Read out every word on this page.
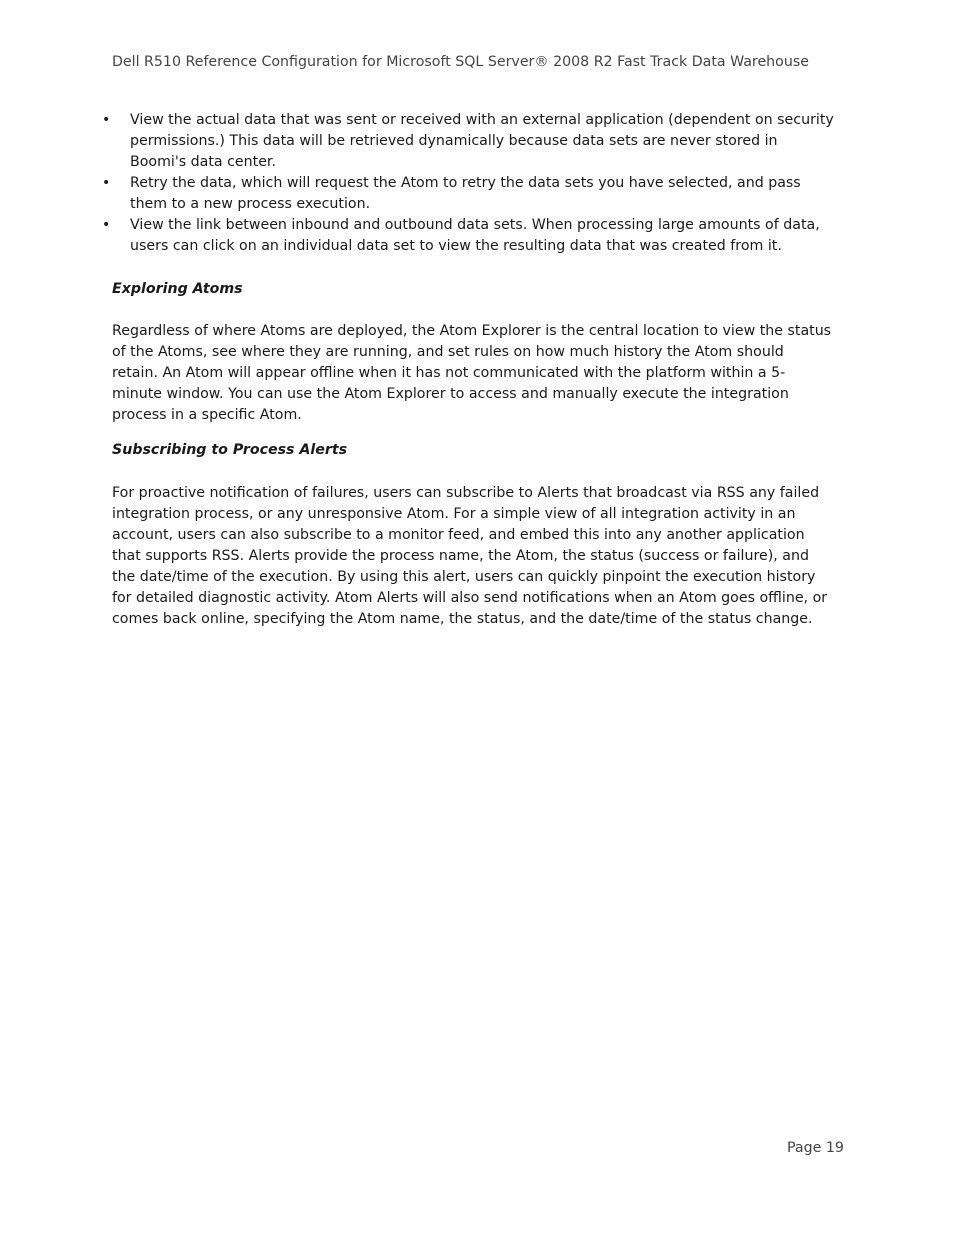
Dell R510 Reference Configuration for Microsoft SQL Server® 2008 R2 Fast Track Data Warehouse
• View the actual data that was sent or received with an external application (dependent on security permissions.) This data will be retrieved dynamically because data sets are never stored in Boomi's data center.
• Retry the data, which will request the Atom to retry the data sets you have selected, and pass them to a new process execution.
• View the link between inbound and outbound data sets. When processing large amounts of data, users can click on an individual data set to view the resulting data that was created from it.

Exploring Atoms

Regardless of where Atoms are deployed, the Atom Explorer is the central location to view the status of the Atoms, see where they are running, and set rules on how much history the Atom should retain. An Atom will appear offline when it has not communicated with the platform within a 5-minute window. You can use the Atom Explorer to access and manually execute the integration process in a specific Atom.

Subscribing to Process Alerts

For proactive notification of failures, users can subscribe to Alerts that broadcast via RSS any failed integration process, or any unresponsive Atom. For a simple view of all integration activity in an account, users can also subscribe to a monitor feed, and embed this into any another application that supports RSS. Alerts provide the process name, the Atom, the status (success or failure), and the date/time of the execution. By using this alert, users can quickly pinpoint the execution history for detailed diagnostic activity. Atom Alerts will also send notifications when an Atom goes offline, or comes back online, specifying the Atom name, the status, and the date/time of the status change.

Page 19
